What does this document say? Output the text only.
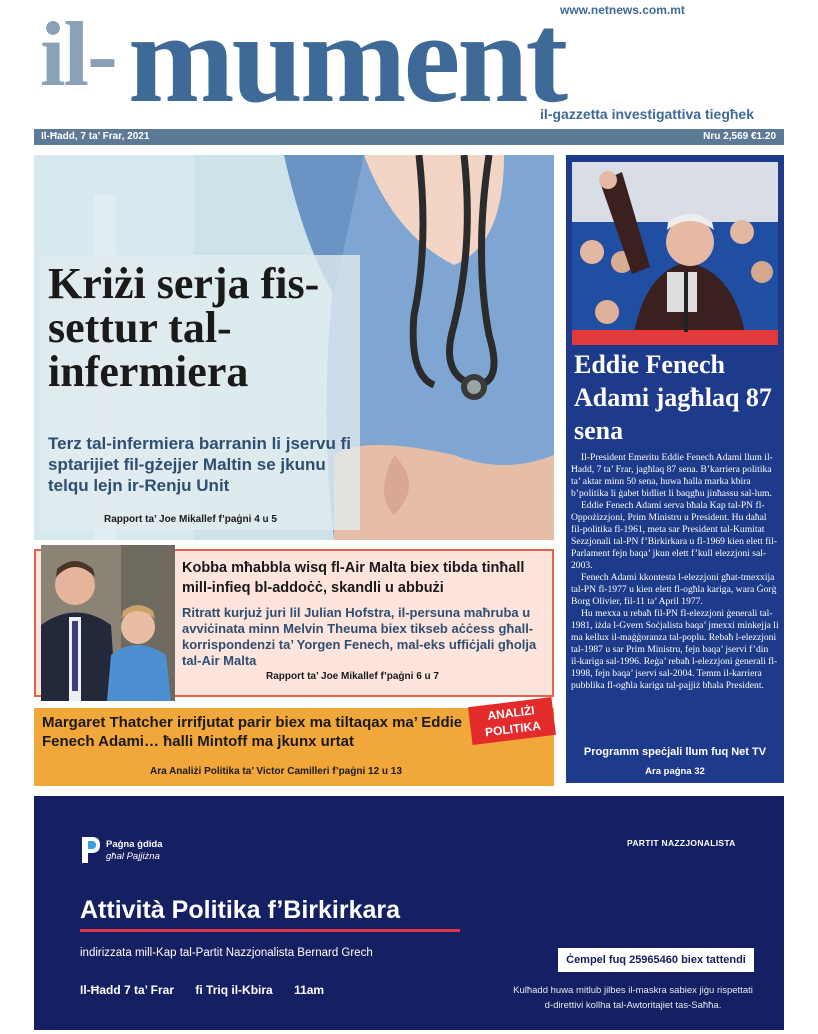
www.netnews.com.mt
il- mument
il-gazzetta investigattiva tiegħek
Il-Ħadd, 7 ta’ Frar, 2021	Nru 2,569 €1.20
Kriżi serja fis-settur tal-infermiera
Terz tal-infermiera barranin li jservu fi sptarijiet fil-gżejjer Maltin se jkunu telqu lejn ir-Renju Unit
Rapport ta’ Joe Mikallef f’paġni 4 u 5
Eddie Fenech Adami jagħlaq 87 sena

Il-President Emeritu Eddie Fenech Adami llum il-Ħadd, 7 ta’ Frar, jagħlaq 87 sena. B’karriera politika ta’ aktar minn 50 sena, huwa ħalla marka kbira b’politika li ġabet bidliet li baqgħu jinħassu sal-lum.

Eddie Fenech Adami serva bħala Kap tal-PN fl-Oppożizzjoni, Prim Ministru u President. Hu daħal fil-politika fl-1961, meta sar President tal-Kumitat Sezzjonali tal-PN f’Birkirkara u fl-1969 kien elett fil-Parlament fejn baqa’ jkun elett f’kull elezzjoni sal-2003.

Fenech Adami kkontesta l-elezzjoni għat-tmexxija tal-PN fl-1977 u kien elett fl-ogħla kariga, wara Ġorġ Borg Olivier, fil-11 ta’ April 1977.

Hu mexxa u rebaħ fil-PN fl-elezzjoni ġenerali tal-1981, iżda l-Gvern Soċjalista baqa’ jmexxi minkejja li ma kellux il-maġġoranza tal-poplu. Rebaħ l-elezzjoni tal-1987 u sar Prim Ministru, fejn baqa’ jservi f’din il-kariga sal-1996. Reġa’ rebaħ l-elezzjoni ġenerali fl-1998, fejn baqa’ jservi sal-2004. Temm il-karriera pubblika fl-ogħla kariga tal-pajjiż bħala President.

Programm speċjali llum fuq Net TV
Ara paġna 32
Kobba mħabbla wisq fl-Air Malta biex tibda tinħall mill-infieq bl-addoċċ, skandli u abbużi
Ritratt kurjuż juri lil Julian Hofstra, il-persuna maħruba u avviċinata minn Melvin Theuma biex tikseb aċċess għall-korrispondenzi ta’ Yorgen Fenech, mal-eks uffiċjali għolja tal-Air Malta
Rapport ta’ Joe Mikallef f’paġni 6 u 7
Margaret Thatcher irrifjutat parir biex ma tiltaqax ma’ Eddie Fenech Adami… ħalli Mintoff ma jkunx urtat
Ara Analiżi Politika ta’ Victor Camilleri f’paġni 12 u 13
ANALIŻI
POLITIKA
Paġna ġdida
għal Pajjiżna
PARTIT NAZZJONALISTA
Attività Politika f’Birkirkara
indirizzata mill-Kap tal-Partit Nazzjonalista Bernard Grech
Il-Ħadd 7 ta’ Frar fi Triq il-Kbira 11am
Ċempel fuq 25965460 biex tattendi
Kulħadd huwa mitlub jilbes il-maskra sabiex jiġu rispettati d-direttivi kollha tal-Awtoritajiet tas-Saħħa.
